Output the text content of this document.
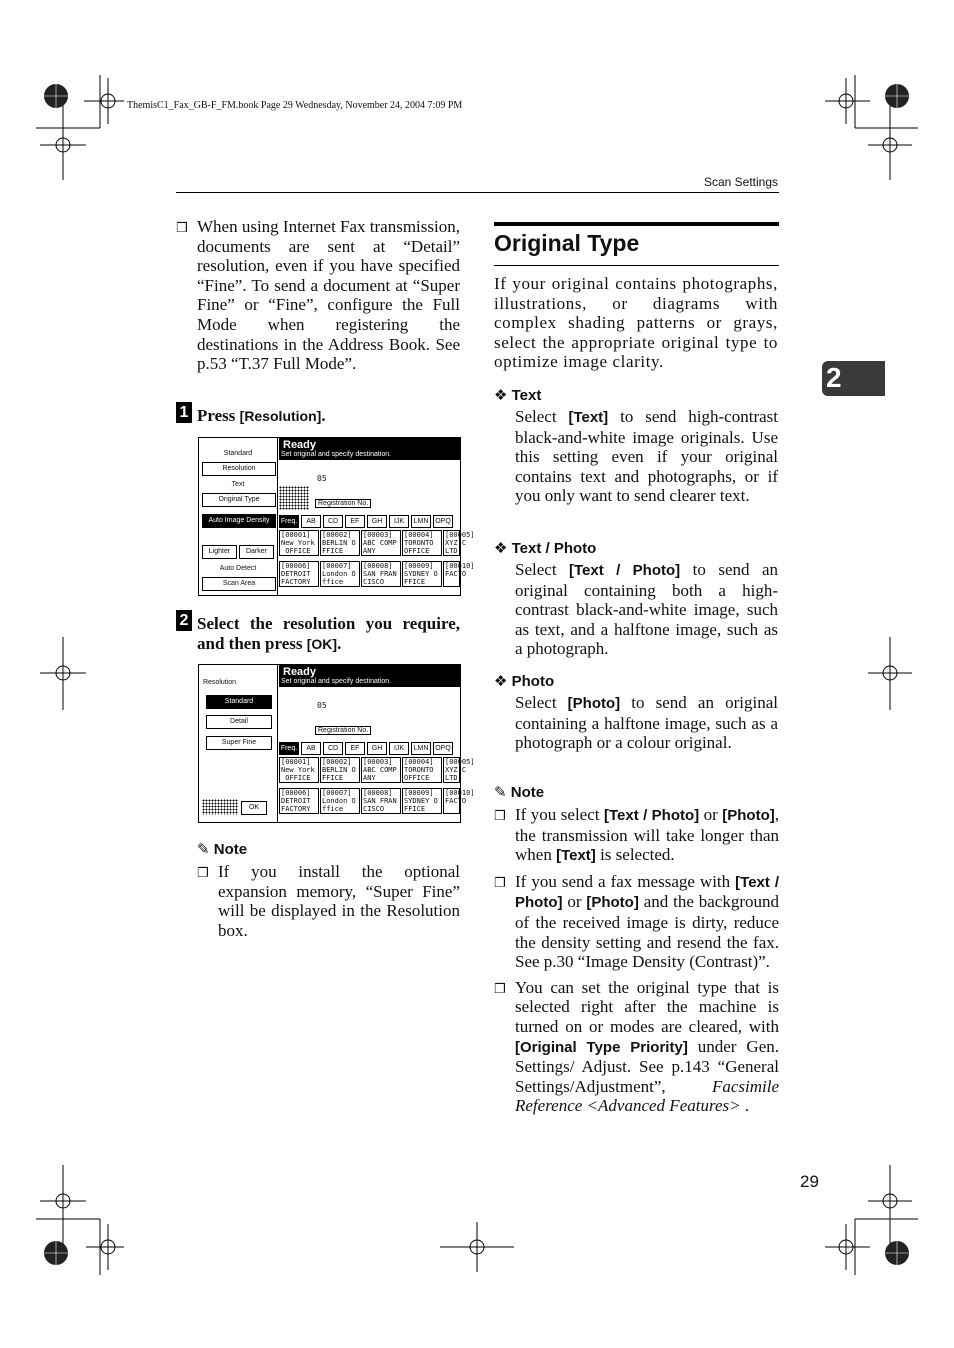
ThemisC1_Fax_GB-F_FM.book Page 29 Wednesday, November 24, 2004 7:09 PM
Scan Settings
2
❒ When using Internet Fax transmission, documents are sent at “Detail” resolution, even if you have specified “Fine”. To send a document at “Super Fine” or “Fine”, configure the Full Mode when registering the destinations in the Address Book. See p.53 “T.37 Full Mode”.
1 Press [Resolution].
Standard
Resolution
Text
Original Type
Auto Image Density
Lighter	Darker
Auto Detect
Scan Area
Ready
Set original and specify destination.
05
Registration No.
Freq. AB CD EF GH IJK LMN OPQ
[00001]
New York
OFFICE
[00002]
BERLIN O
FFICE
[00003]
ABC COMP
ANY
[00004]
TORONTO
OFFICE
[00005]
XYZ C
LTD
[00006]
DETROIT
FACTORY
[00007]
London O
ffice
[00008]
SAN FRAN
CISCO
[00009]
SYDNEY O
FFICE
[00010]
FACTO
2 Select the resolution you require, and then press [OK].
Resolution
Standard
Detail
Super Fine
OK
Ready
Set original and specify destination.
05
Registration No.
Freq. AB CD EF GH IJK LMN OPQ
[00001]
New York
OFFICE
[00002]
BERLIN O
FFICE
[00003]
ABC COMP
ANY
[00004]
TORONTO
OFFICE
[00005]
XYZ C
LTD
[00006]
DETROIT
FACTORY
[00007]
London O
ffice
[00008]
SAN FRAN
CISCO
[00009]
SYDNEY O
FFICE
[00010]
FACTO
✎ Note
❒ If you install the optional expansion memory, “Super Fine” will be displayed in the Resolution box.
Original Type
If your original contains photographs, illustrations, or diagrams with complex shading patterns or grays, select the appropriate original type to optimize image clarity.
❖ Text
Select [Text] to send high-contrast black-and-white image originals. Use this setting even if your original contains text and photographs, or if you only want to send clearer text.
❖ Text / Photo
Select [Text / Photo] to send an original containing both a high-contrast black-and-white image, such as text, and a halftone image, such as a photograph.
❖ Photo
Select [Photo] to send an original containing a halftone image, such as a photograph or a colour original.
✎ Note
❒ If you select [Text / Photo] or [Photo], the transmission will take longer than when [Text] is selected.
❒ If you send a fax message with [Text / Photo] or [Photo] and the background of the received image is dirty, reduce the density setting and resend the fax. See p.30 “Image Density (Contrast)”.
❒ You can set the original type that is selected right after the machine is turned on or modes are cleared, with [Original Type Priority] under Gen. Settings/ Adjust. See p.143 “General Settings/Adjustment”, Facsimile Reference <Advanced Features> .
29
